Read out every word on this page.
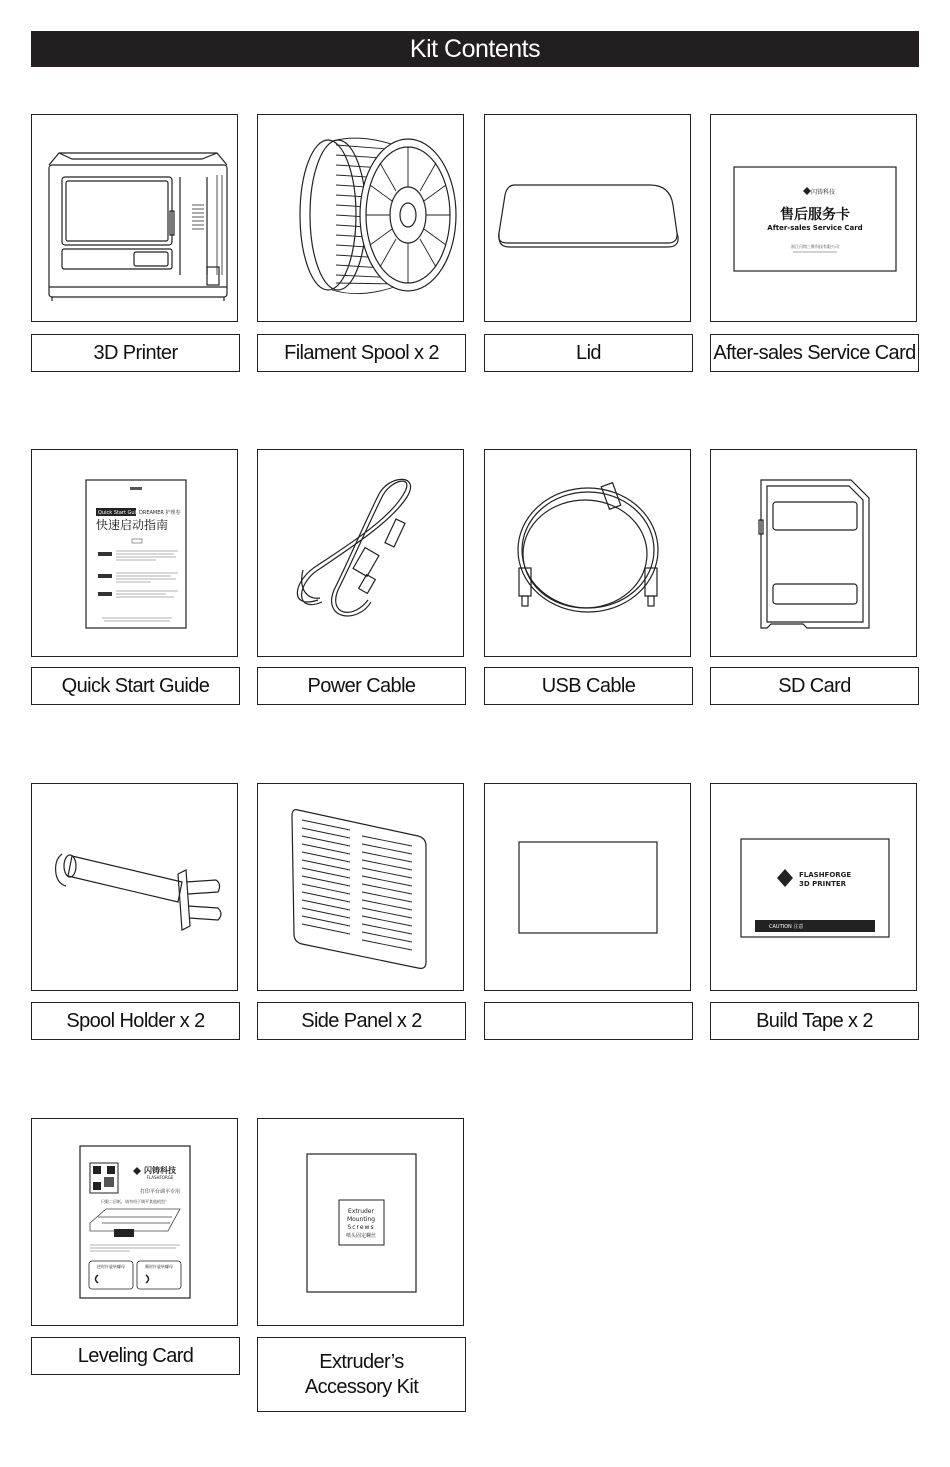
Kit Contents
3D Printer	Filament Spool x 2	Lid
闪铸科技
售后服务卡
After-sales Service Card
浙江闪铸三维科技有限公司
After-sales Service Card
Quick Start Guide
DREAMER 护理卷
快速启动指南
Quick Start Guide	Power Cable	USB Cable	SD Card
Spool Holder x 2	Side Panel x 2
FLASHFORGE
3D PRINTER
CAUTION 注意
Build Tape x 2
闪铸科技
FLASHFORGE
打印平台调平专用
只限二层纸，请勿用于调平其他机型！
逆时针旋转螺母	顺时针旋转螺母
Leveling Card
Extruder
Mounting
Screws
喷头固定螺丝
Extruder’s
Accessory Kit
